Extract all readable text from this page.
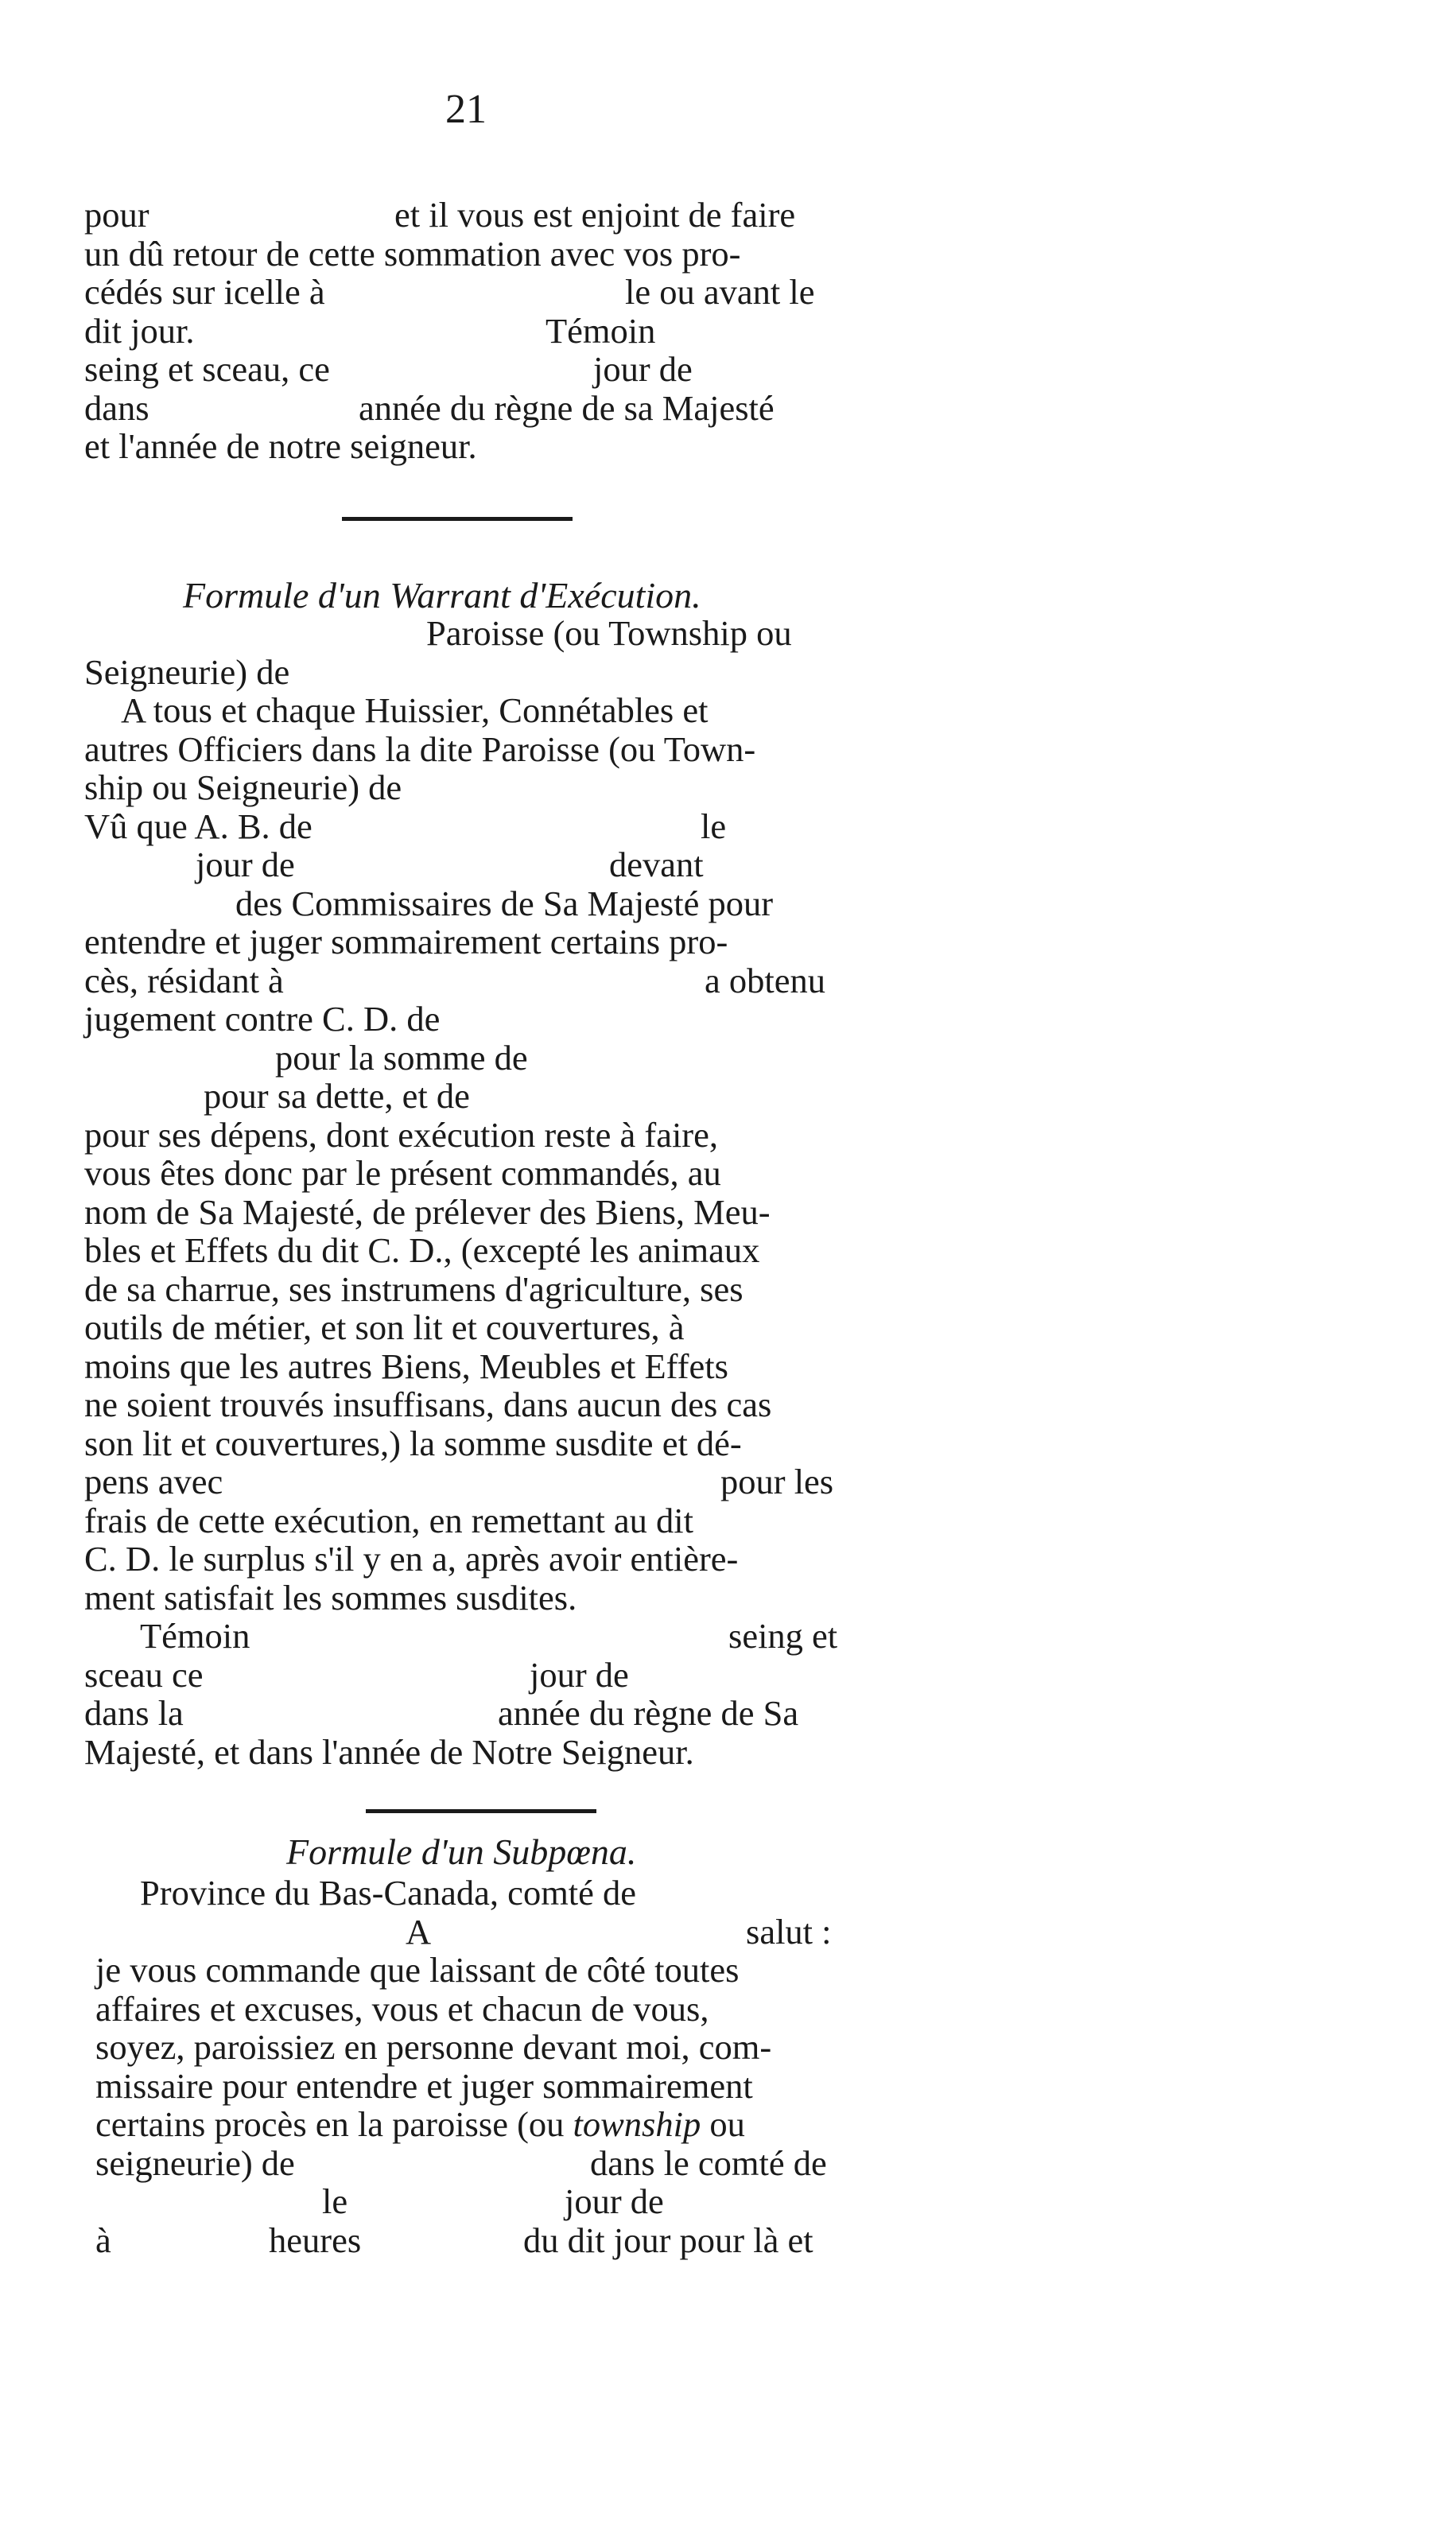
21

pour

	et il vous est enjoint de faire

un dû retour de cette sommation avec vos pro-

cédés sur icelle à

	le ou avant le

dit jour.

	Témoin

seing et sceau, ce

	jour de

dans

	année du règne de sa Majesté

et l'année de notre seigneur.

Formule d'un Warrant d'Exécution.
Paroisse (ou Township ou
Seigneurie) de
A tous et chaque Huissier, Connétables et
autres Officiers dans la dite Paroisse (ou Town-
ship ou Seigneurie) de

Vû que A. B. de

	le

jour de

	devant

des Commissaires de Sa Majesté pour
entendre et juger sommairement certains pro-

cès, résidant à

	a obtenu

jugement contre C. D. de
pour la somme de
pour sa dette, et de
pour ses dépens, dont exécution reste à faire,
vous êtes donc par le présent commandés, au
nom de Sa Majesté, de prélever des Biens, Meu-
bles et Effets du dit C. D., (excepté les animaux
de sa charrue, ses instrumens d'agriculture, ses
outils de métier, et son lit et couvertures, à
moins que les autres Biens, Meubles et Effets
ne soient trouvés insuffisans, dans aucun des cas
son lit et couvertures,) la somme susdite et dé-

pens avec

	pour les

frais de cette exécution, en remettant au dit
C. D. le surplus s'il y en a, après avoir entière-
ment satisfait les sommes susdites.

Témoin

	seing et

sceau ce

	jour de

dans la

	année du règne de Sa

Majesté, et dans l'année de Notre Seigneur.
Formule d'un Subpœna.
Province du Bas-Canada, comté de

A

	salut :

je vous commande que laissant de côté toutes
affaires et excuses, vous et chacun de vous,
soyez, paroissiez en personne devant moi, com-
missaire pour entendre et juger sommairement
certains procès en la paroisse (ou township ou

seigneurie) de

	dans le comté de

le

	jour de

à

	heures

	du dit jour pour là et
